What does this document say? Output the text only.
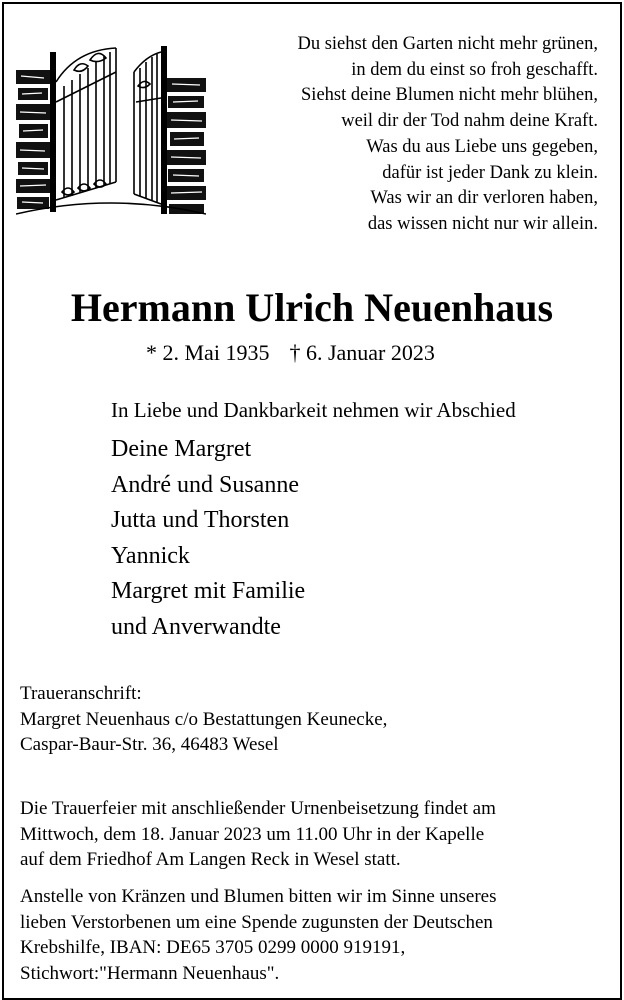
Du siehst den Garten nicht mehr grünen,
in dem du einst so froh geschafft.
Siehst deine Blumen nicht mehr blühen,
weil dir der Tod nahm deine Kraft.
Was du aus Liebe uns gegeben,
dafür ist jeder Dank zu klein.
Was wir an dir verloren haben,
das wissen nicht nur wir allein.
Hermann Ulrich Neuenhaus
* 2. Mai 1935 † 6. Januar 2023
In Liebe und Dankbarkeit nehmen wir Abschied
Deine Margret
André und Susanne
Jutta und Thorsten
Yannick
Margret mit Familie
und Anverwandte
Traueranschrift:
Margret Neuenhaus c/o Bestattungen Keunecke,
Caspar-Baur-Str. 36, 46483 Wesel
Die Trauerfeier mit anschließender Urnenbeisetzung findet am
Mittwoch, dem 18. Januar 2023 um 11.00 Uhr in der Kapelle
auf dem Friedhof Am Langen Reck in Wesel statt.
Anstelle von Kränzen und Blumen bitten wir im Sinne unseres
lieben Verstorbenen um eine Spende zugunsten der Deutschen
Krebshilfe, IBAN: DE65 3705 0299 0000 919191,
Stichwort:"Hermann Neuenhaus".
